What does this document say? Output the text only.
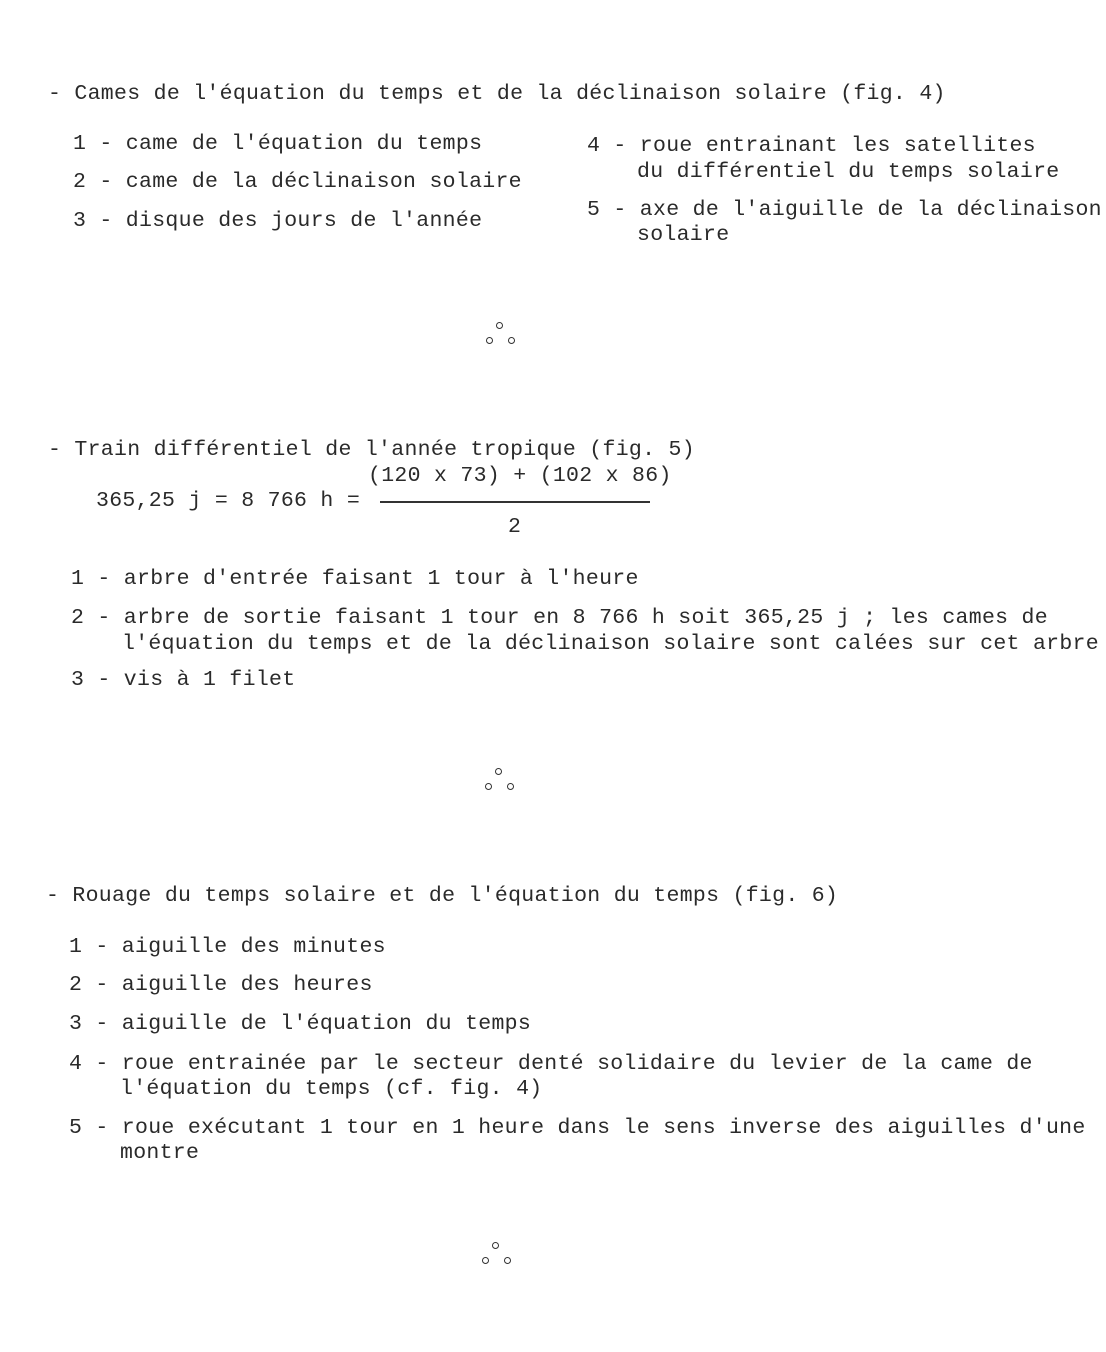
- Cames de l'équation du temps et de la déclinaison solaire (fig. 4)
1 - came de l'équation du temps
2 - came de la déclinaison solaire
3 - disque des jours de l'année
4 - roue entrainant les satellites
du différentiel du temps solaire
5 - axe de l'aiguille de la déclinaison
solaire
- Train différentiel de l'année tropique (fig. 5)
365,25 j = 8 766 h =
(120 x 73) + (102 x 86)
2
1 - arbre d'entrée faisant 1 tour à l'heure
2 - arbre de sortie faisant 1 tour en 8 766 h soit 365,25 j ; les cames de
l'équation du temps et de la déclinaison solaire sont calées sur cet arbre
3 - vis à 1 filet
- Rouage du temps solaire et de l'équation du temps (fig. 6)
1 - aiguille des minutes
2 - aiguille des heures
3 - aiguille de l'équation du temps
4 - roue entrainée par le secteur denté solidaire du levier de la came de
l'équation du temps (cf. fig. 4)
5 - roue exécutant 1 tour en 1 heure dans le sens inverse des aiguilles d'une
montre
